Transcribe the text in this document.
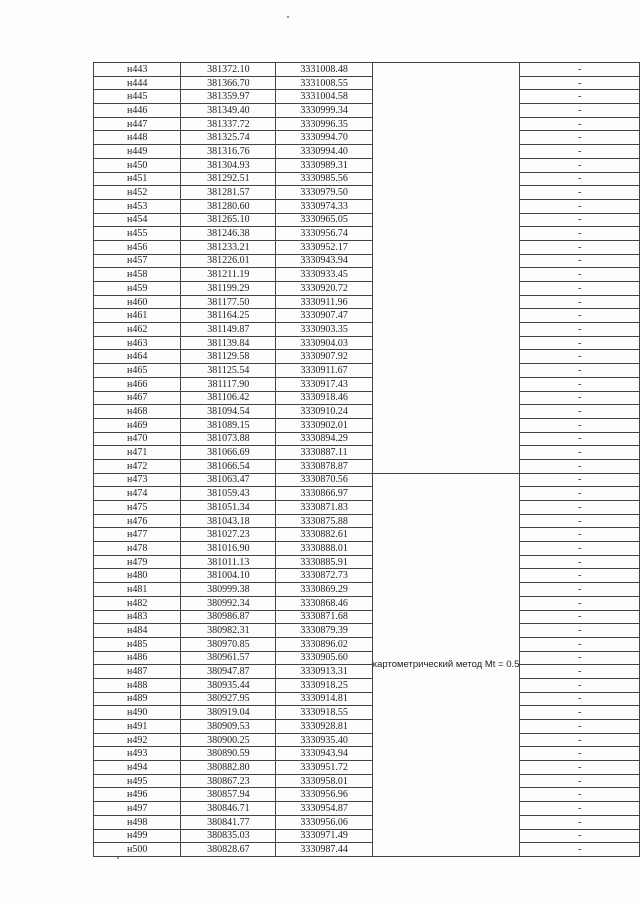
н443	381372.10	3331008.48		-
н444	381366.70	3331008.55		-
н445	381359.97	3331004.58		-
н446	381349.40	3330999.34		-
н447	381337.72	3330996.35		-
н448	381325.74	3330994.70		-
н449	381316.76	3330994.40		-
н450	381304.93	3330989.31		-
н451	381292.51	3330985.56		-
н452	381281.57	3330979.50		-
н453	381280.60	3330974.33		-
н454	381265.10	3330965.05		-
н455	381246.38	3330956.74		-
н456	381233.21	3330952.17		-
н457	381226.01	3330943.94		-
н458	381211.19	3330933.45		-
н459	381199.29	3330920.72		-
н460	381177.50	3330911.96		-
н461	381164.25	3330907.47		-
н462	381149.87	3330903.35		-
н463	381139.84	3330904.03		-
н464	381129.58	3330907.92		-
н465	381125.54	3330911.67		-
н466	381117.90	3330917.43		-
н467	381106.42	3330918.46		-
н468	381094.54	3330910.24		-
н469	381089.15	3330902.01		-
н470	381073.88	3330894.29		-
н471	381066.69	3330887.11		-
н472	381066.54	3330878.87		-
н473	381063.47	3330870.56	картометрический метод Mt = 0.5	-
н474	381059.43	3330866.97		-
н475	381051.34	3330871.83		-
н476	381043.18	3330875.88		-
н477	381027.23	3330882.61		-
н478	381016.90	3330888.01		-
н479	381011.13	3330885.91		-
н480	381004.10	3330872.73		-
н481	380999.38	3330869.29		-
н482	380992.34	3330868.46		-
н483	380986.87	3330871.68		-
н484	380982.31	3330879.39		-
н485	380970.85	3330896.02		-
н486	380961.57	3330905.60		-
н487	380947.87	3330913.31		-
н488	380935.44	3330918.25		-
н489	380927.95	3330914.81		-
н490	380919.04	3330918.55		-
н491	380909.53	3330928.81		-
н492	380900.25	3330935.40		-
н493	380890.59	3330943.94		-
н494	380882.80	3330951.72		-
н495	380867.23	3330958.01		-
н496	380857.94	3330956.96		-
н497	380846.71	3330954.87		-
н498	380841.77	3330956.06		-
н499	380835.03	3330971.49		-
н500	380828.67	3330987.44		-
